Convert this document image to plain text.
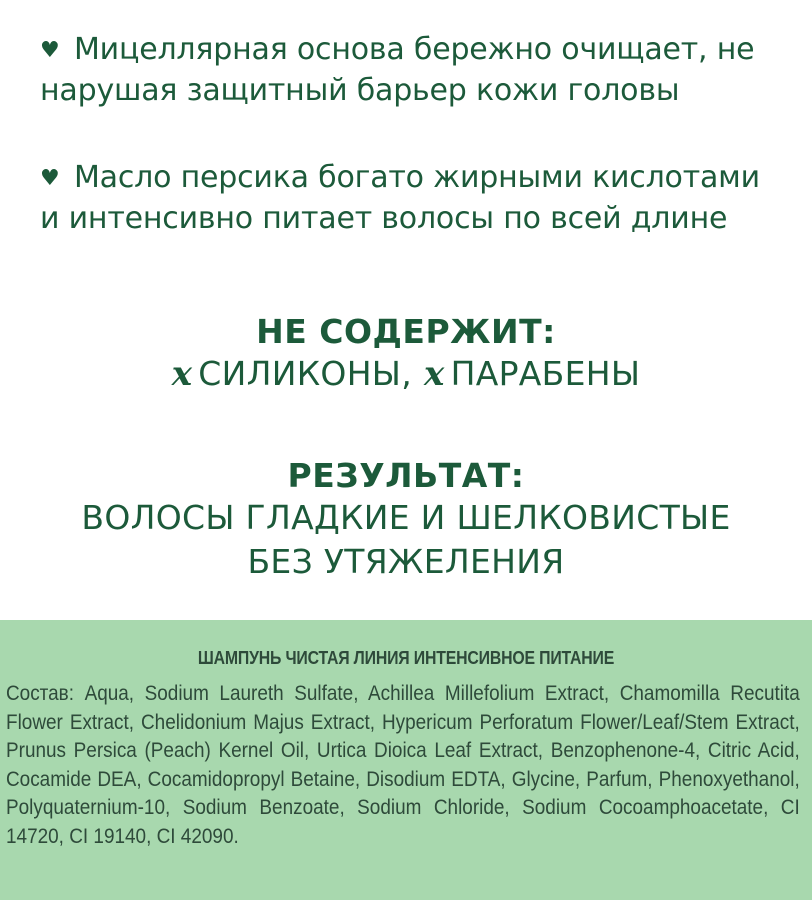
♥ Мицеллярная основа бережно очищает, не нарушая защитный барьер кожи головы
♥ Масло персика богато жирными кислотами и интенсивно питает волосы по всей длине
НЕ СОДЕРЖИТ:
x СИЛИКОНЫ, x ПАРАБЕНЫ
РЕЗУЛЬТАТ:
ВОЛОСЫ ГЛАДКИЕ И ШЕЛКОВИСТЫЕ
БЕЗ УТЯЖЕЛЕНИЯ
ШАМПУНЬ ЧИСТАЯ ЛИНИЯ ИНТЕНСИВНОЕ ПИТАНИЕ
Состав: Aqua, Sodium Laureth Sulfate, Achillea Millefolium Extract, Chamomilla Recutita Flower Extract, Chelidonium Majus Extract, Hypericum Perforatum Flower/Leaf/Stem Extract, Prunus Persica (Peach) Kernel Oil, Urtica Dioica Leaf Extract, Benzophenone-4, Citric Acid, Cocamide DEA, Cocamidopropyl Betaine, Disodium EDTA, Glycine, Parfum, Phenoxyethanol, Polyquaternium-10, Sodium Benzoate, Sodium Chloride, Sodium Cocoamphoacetate, CI 14720, CI 19140, CI 42090.
